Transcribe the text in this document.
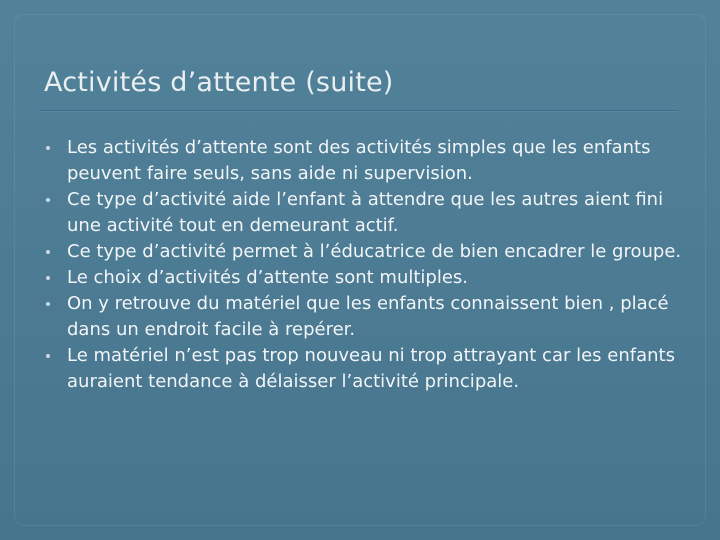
Activités d’attente (suite)
Les activités d’attente sont des activités simples que les enfants peuvent faire seuls, sans aide ni supervision.
Ce type d’activité aide l’enfant à attendre que les autres aient fini une activité tout en demeurant actif.
Ce type d’activité permet à l’éducatrice de bien encadrer le groupe.
Le choix d’activités d’attente sont multiples.
On y retrouve du matériel que les enfants connaissent bien , placé dans un endroit facile à repérer.
Le matériel n’est pas trop nouveau ni trop attrayant car les enfants auraient tendance à délaisser l’activité principale.
